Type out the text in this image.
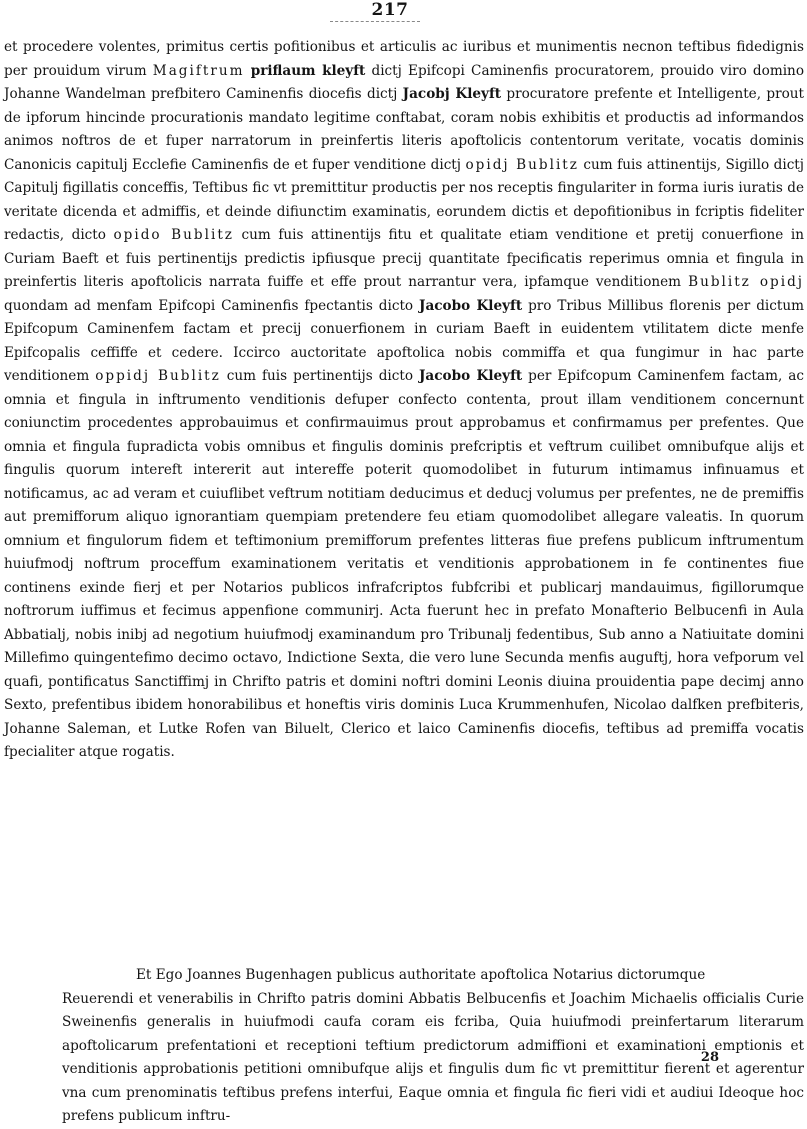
217
et procedere volentes, primitus certis pofitionibus et articulis ac iuribus et munimentis necnon teftibus fidedignis per prouidum virum Magiftrum priflaum kleyft dictj Epifcopi Caminenfis procuratorem, prouido viro domino Johanne Wandelman prefbitero Caminenfis diocefis dictj Jacobj Kleyft procuratore prefente et Intelligente, prout de ipforum hincinde procurationis mandato legitime conftabat, coram nobis exhibitis et productis ad informandos animos noftros de et fuper narratorum in preinfertis literis apoftolicis contentorum veritate, vocatis dominis Canonicis capitulj Ecclefie Caminenfis de et fuper venditione dictj opidj Bublitz cum fuis attinentijs, Sigillo dictj Capitulj figillatis conceffis, Teftibus fic vt premittitur productis per nos receptis fingulariter in forma iuris iuratis de veritate dicenda et admiffis, et deinde difiunctim examinatis, eorundem dictis et depofitionibus in fcriptis fideliter redactis, dicto opido Bublitz cum fuis attinentijs fitu et qualitate etiam venditione et pretij conuerfione in Curiam Baeft et fuis pertinentijs predictis ipfiusque precij quantitate fpecificatis reperimus omnia et fingula in preinfertis literis apoftolicis narrata fuiffe et effe prout narrantur vera, ipfamque venditionem Bublitz opidj quondam ad menfam Epifcopi Caminenfis fpectantis dicto Jacobo Kleyft pro Tribus Millibus florenis per dictum Epifcopum Caminenfem factam et precij conuerfionem in curiam Baeft in euidentem vtilitatem dicte menfe Epifcopalis ceffiffe et cedere. Iccirco auctoritate apoftolica nobis commiffa et qua fungimur in hac parte venditionem oppidj Bublitz cum fuis pertinentijs dicto Jacobo Kleyft per Epifcopum Caminenfem factam, ac omnia et fingula in inftrumento venditionis defuper confecto contenta, prout illam venditionem concernunt coniunctim procedentes approbauimus et confirmauimus prout approbamus et confirmamus per prefentes. Que omnia et fingula fupradicta vobis omnibus et fingulis dominis prefcriptis et veftrum cuilibet omnibufque alijs et fingulis quorum intereft intererit aut intereffe poterit quomodolibet in futurum intimamus infinuamus et notificamus, ac ad veram et cuiuflibet veftrum notitiam deducimus et deducj volumus per prefentes, ne de premiffis aut premifforum aliquo ignorantiam quempiam pretendere feu etiam quomodolibet allegare valeatis. In quorum omnium et fingulorum fidem et teftimonium premifforum prefentes litteras fiue prefens publicum inftrumentum huiufmodj noftrum proceffum examinationem veritatis et venditionis approbationem in fe continentes fiue continens exinde fierj et per Notarios publicos infrafcriptos fubfcribi et publicarj mandauimus, figillorumque noftrorum iuffimus et fecimus appenfione communirj. Acta fuerunt hec in prefato Monafterio Belbucenfi in Aula Abbatialj, nobis inibj ad negotium huiufmodj examinandum pro Tribunalj fedentibus, Sub anno a Natiuitate domini Millefimo quingentefimo decimo octavo, Indictione Sexta, die vero lune Secunda menfis auguftj, hora vefporum vel quafi, pontificatus Sanctiffimj in Chrifto patris et domini noftri domini Leonis diuina prouidentia pape decimj anno Sexto, prefentibus ibidem honorabilibus et honeftis viris dominis Luca Krummenhufen, Nicolao dalfken prefbiteris, Johanne Saleman, et Lutke Rofen van Biluelt, Clerico et laico Caminenfis diocefis, teftibus ad premiffa vocatis fpecialiter atque rogatis.

Et Ego Joannes Bugenhagen publicus authoritate apoftolica Notarius dictorumque

Reuerendi et venerabilis in Chrifto patris domini Abbatis Belbucenfis et Joachim Michaelis officialis Curie Sweinenfis generalis in huiufmodi caufa coram eis fcriba, Quia huiufmodi preinfertarum literarum apoftolicarum prefentationi et receptioni teftium predictorum admiffioni et examinationi emptionis et venditionis approbationis petitioni omnibufque alijs et fingulis dum fic vt premittitur fierent et agerentur vna cum prenominatis teftibus prefens interfui, Eaque omnia et fingula fic fieri vidi et audiui Ideoque hoc prefens publicum inftru-

28
